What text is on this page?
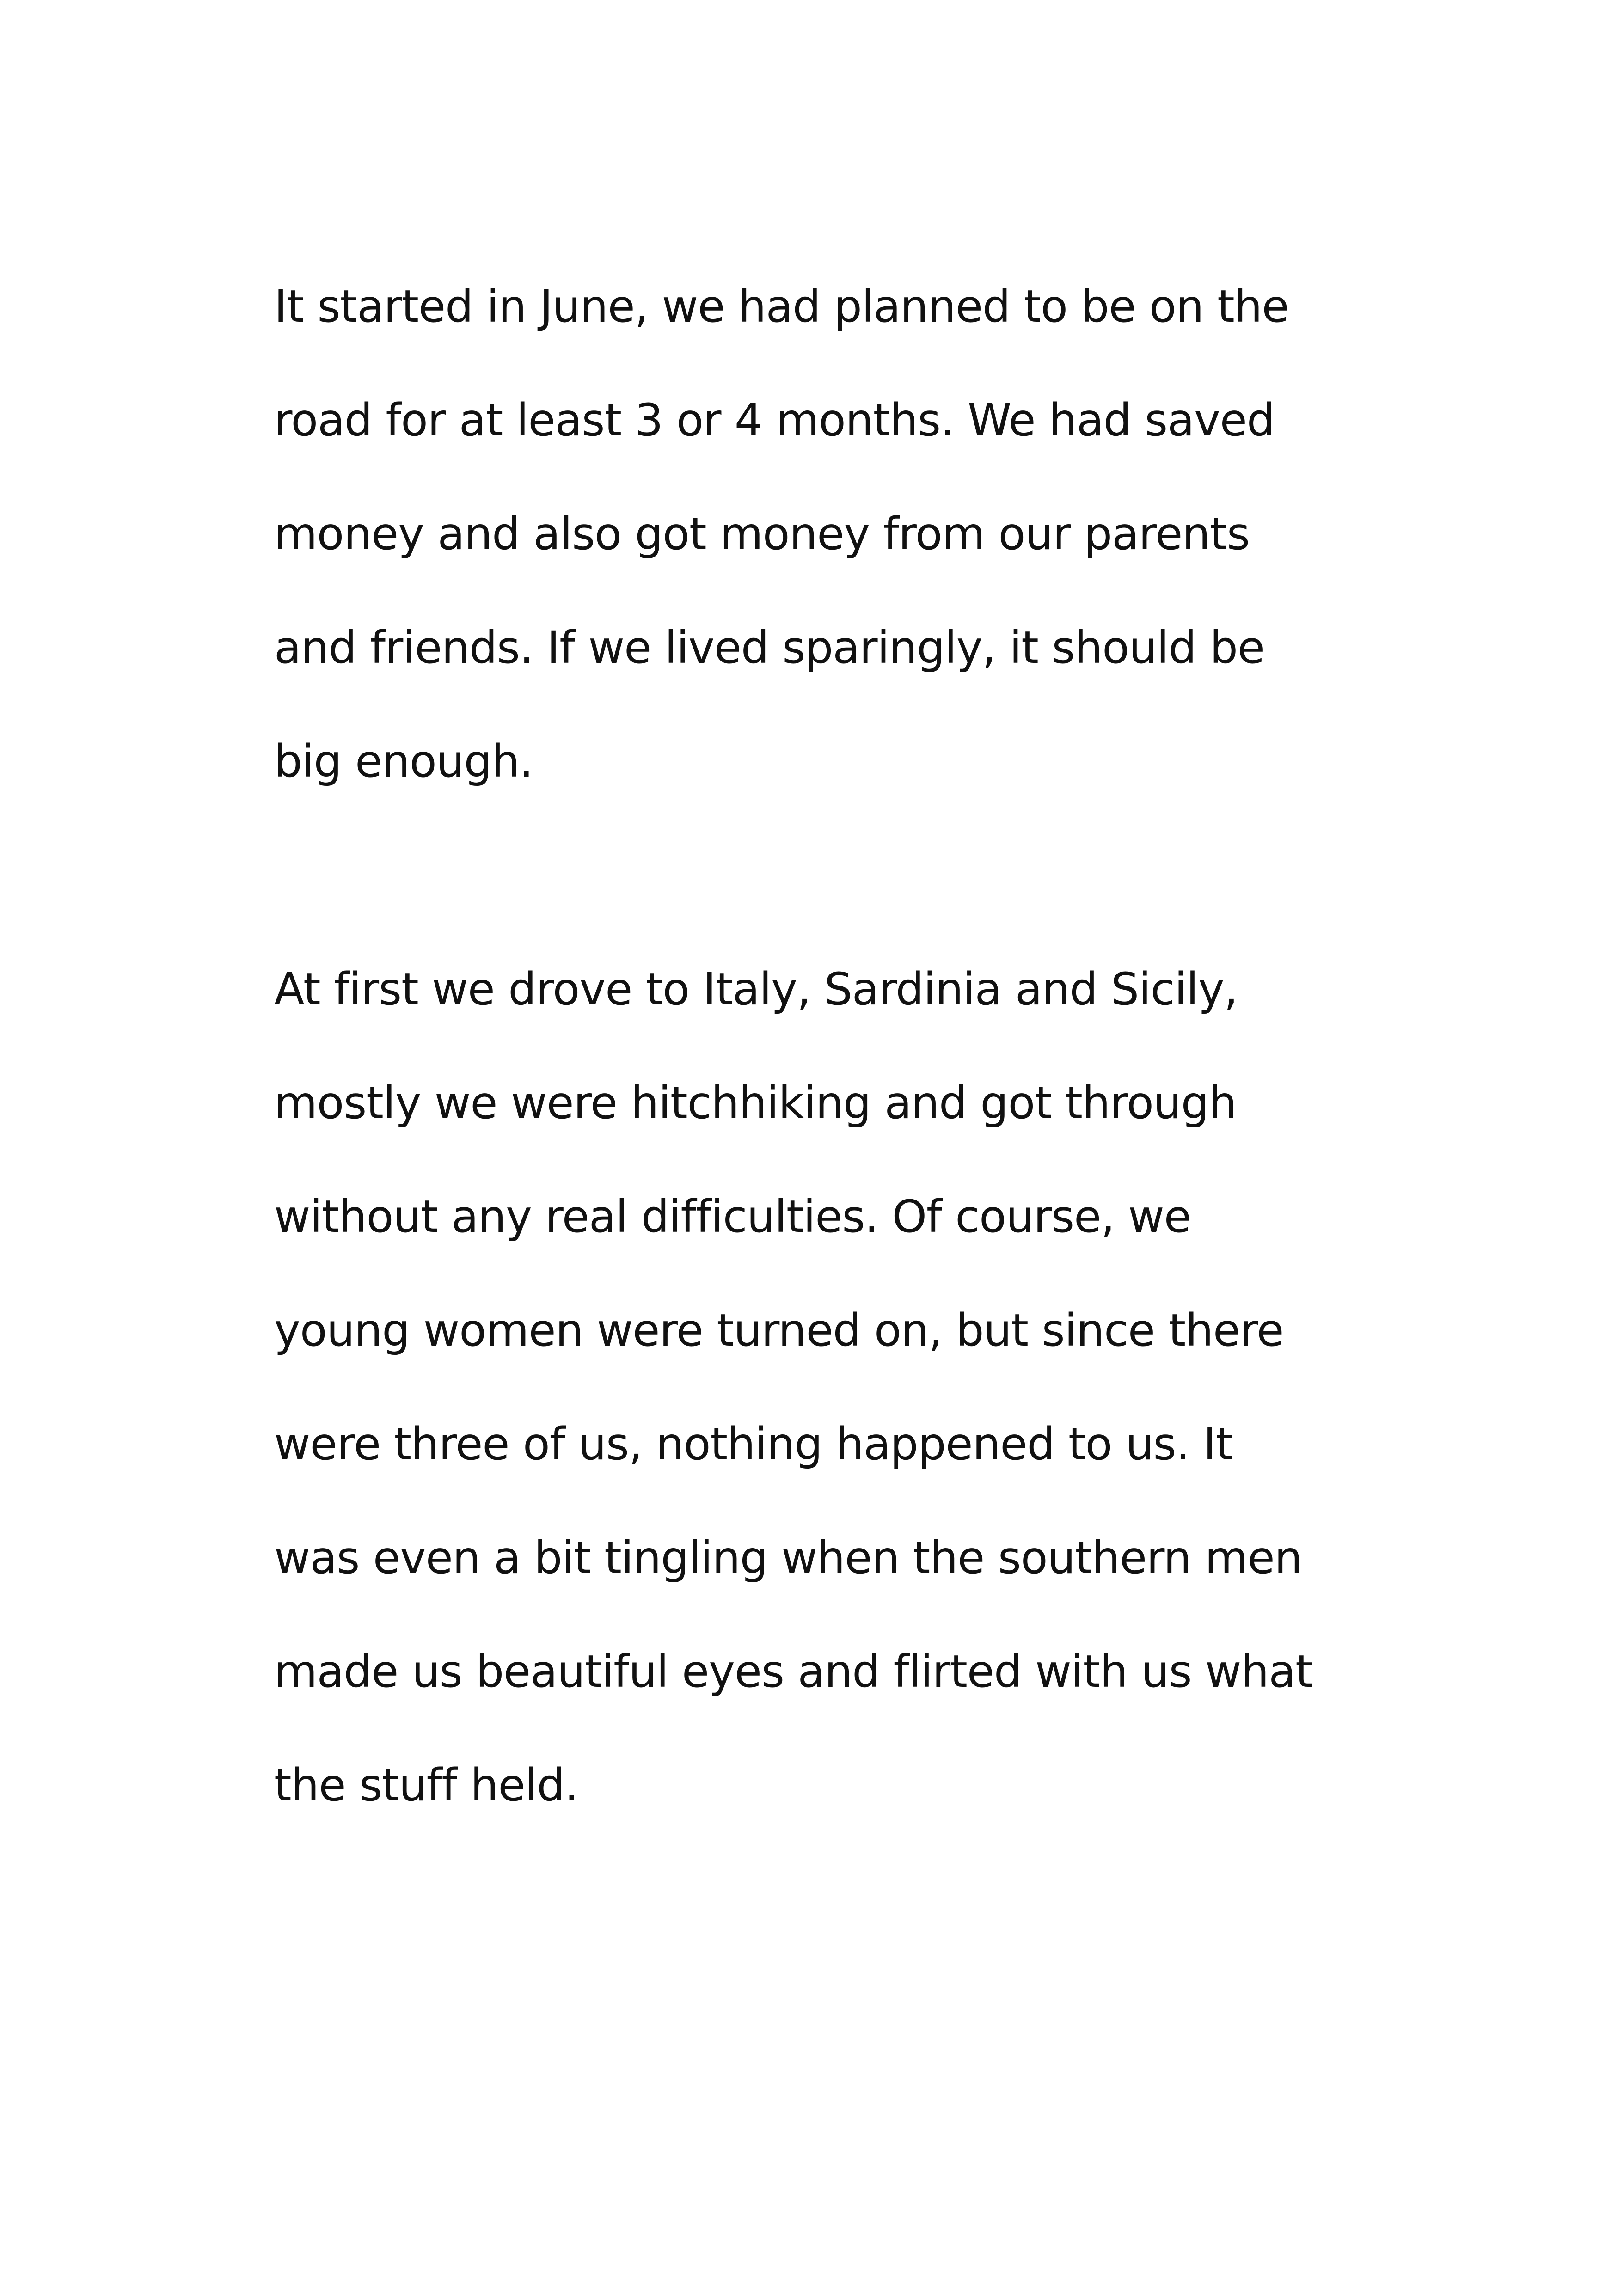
It started in June, we had planned to be on the
road for at least 3 or 4 months. We had saved
money and also got money from our parents
and friends. If we lived sparingly, it should be
big enough.
At first we drove to Italy, Sardinia and Sicily,
mostly we were hitchhiking and got through
without any real difficulties. Of course, we
young women were turned on, but since there
were three of us, nothing happened to us. It
was even a bit tingling when the southern men
made us beautiful eyes and flirted with us what
the stuff held.
